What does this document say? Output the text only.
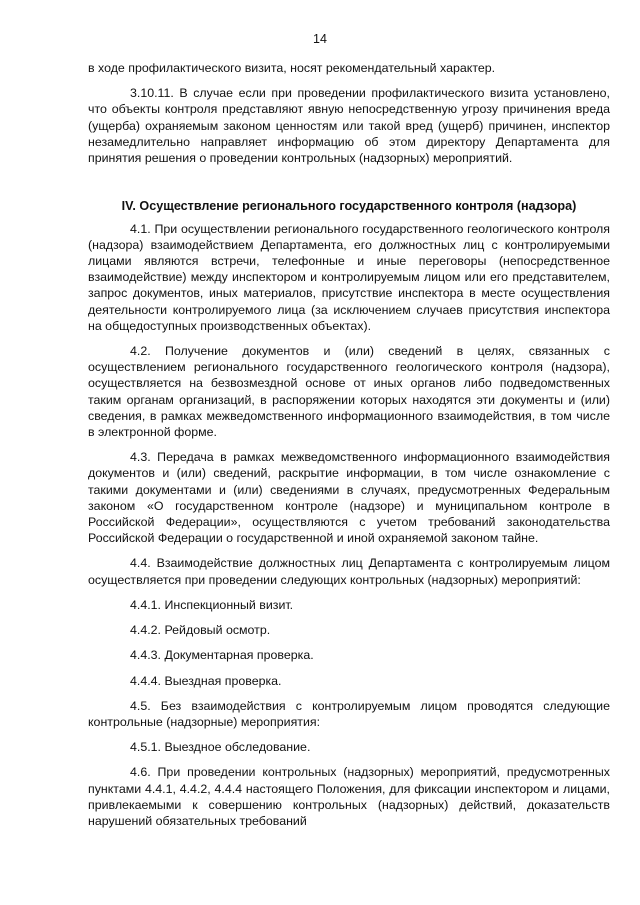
14

в ходе профилактического визита, носят рекомендательный характер.

3.10.11. В случае если при проведении профилактического визита установлено, что объекты контроля представляют явную непосредственную угрозу причинения вреда (ущерба) охраняемым законом ценностям или такой вред (ущерб) причинен, инспектор незамедлительно направляет информацию об этом директору Департамента для принятия решения о проведении контрольных (надзорных) мероприятий.

IV. Осуществление регионального государственного контроля (надзора)

4.1. При осуществлении регионального государственного геологического контроля (надзора) взаимодействием Департамента, его должностных лиц с контролируемыми лицами являются встречи, телефонные и иные переговоры (непосредственное взаимодействие) между инспектором и контролируемым лицом или его представителем, запрос документов, иных материалов, присутствие инспектора в месте осуществления деятельности контролируемого лица (за исключением случаев присутствия инспектора на общедоступных производственных объектах).

4.2. Получение документов и (или) сведений в целях, связанных с осуществлением регионального государственного геологического контроля (надзора), осуществляется на безвозмездной основе от иных органов либо подведомственных таким органам организаций, в распоряжении которых находятся эти документы и (или) сведения, в рамках межведомственного информационного взаимодействия, в том числе в электронной форме.

4.3. Передача в рамках межведомственного информационного взаимодействия документов и (или) сведений, раскрытие информации, в том числе ознакомление с такими документами и (или) сведениями в случаях, предусмотренных Федеральным законом «О государственном контроле (надзоре) и муниципальном контроле в Российской Федерации», осуществляются с учетом требований законодательства Российской Федерации о государственной и иной охраняемой законом тайне.

4.4. Взаимодействие должностных лиц Департамента с контролируемым лицом осуществляется при проведении следующих контрольных (надзорных) мероприятий:

4.4.1. Инспекционный визит.

4.4.2. Рейдовый осмотр.

4.4.3. Документарная проверка.

4.4.4. Выездная проверка.

4.5. Без взаимодействия с контролируемым лицом проводятся следующие контрольные (надзорные) мероприятия:

4.5.1. Выездное обследование.

4.6. При проведении контрольных (надзорных) мероприятий, предусмотренных пунктами 4.4.1, 4.4.2, 4.4.4 настоящего Положения, для фиксации инспектором и лицами, привлекаемыми к совершению контрольных (надзорных) действий, доказательств нарушений обязательных требований
